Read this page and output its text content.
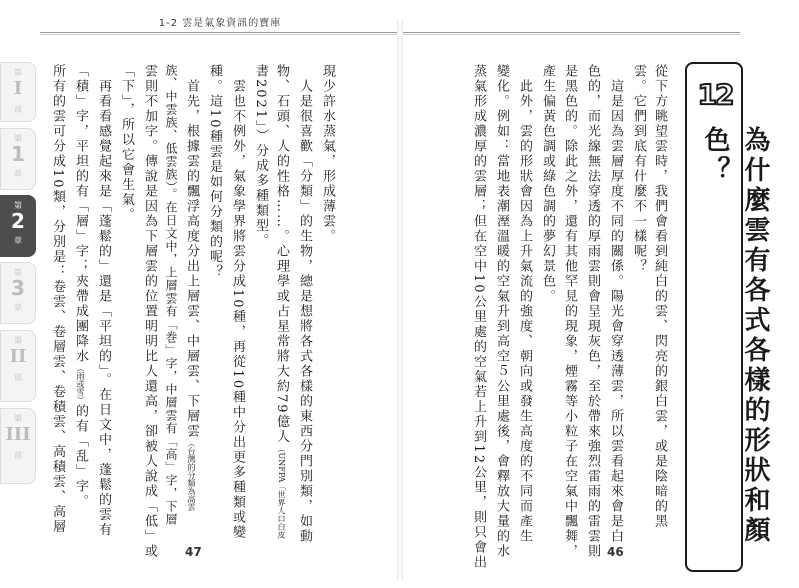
1-2 雲是氣象資訊的寶庫
第
I
部
第
1
章
第
2
章
第
3
章
第
II
部
第
III
部
12
為什麼雲有各式各樣的形狀和顏色？
從下方眺望雲時，我們會看到純白的雲、閃亮的銀白雲，或是陰暗的黑
雲。它們到底有什麼不一樣呢？
　這是因為雲層厚度不同的關係。陽光會穿透薄雲，所以雲看起來會是白
色的，而光線無法穿透的厚雨雲則會呈現灰色，至於帶來強烈雷雨的雷雲則
是黑色的。除此之外，還有其他罕見的現象，煙霧等小粒子在空氣中飄舞，
產生偏黃色調或綠色調的夢幻景色。
　此外，雲的形狀會因為上升氣流的強度、朝向或發生高度的不同而產生
變化。例如：當地表潮溼溫暖的空氣升到高空５公里處後，會釋放大量的水
蒸氣形成濃厚的雲層；但在空中10公里處的空氣若上升到12公里，則只會出	46
現少許水蒸氣，形成薄雲。
　人是很喜歡「分類」的生物，總是想將各式各樣的東西分門別類，如動
物、石頭、人的性格……。心理學或占星常將大約79億人（UNFPA「世界人口白皮
書2021」）分成多種類型。
　雲也不例外，氣象學界將雲分成10種，再從10種中分出更多種類或變
種。這10種雲是如何分類的呢？
　首先，根據雲的飄浮高度分出上層雲、中層雲、下層雲（台灣的分類為高雲
族、中雲族、低雲族）。在日文中，上層雲有「巻」字，中層雲有「高」字，下層
雲則不加字。傳說是因為下層雲的位置明明比人還高，卻被人說成「低」或
「下」，所以它會生氣。
　再看看感覺起來是「蓬鬆的」還是「平坦的」。在日文中，蓬鬆的雲有
「積」字，平坦的有「層」字；夾帶成團降水（雨或雪）的有「乱」字。
所有的雲可分成10類，分別是：卷雲、卷層雲、卷積雲、高積雲、高層
47
